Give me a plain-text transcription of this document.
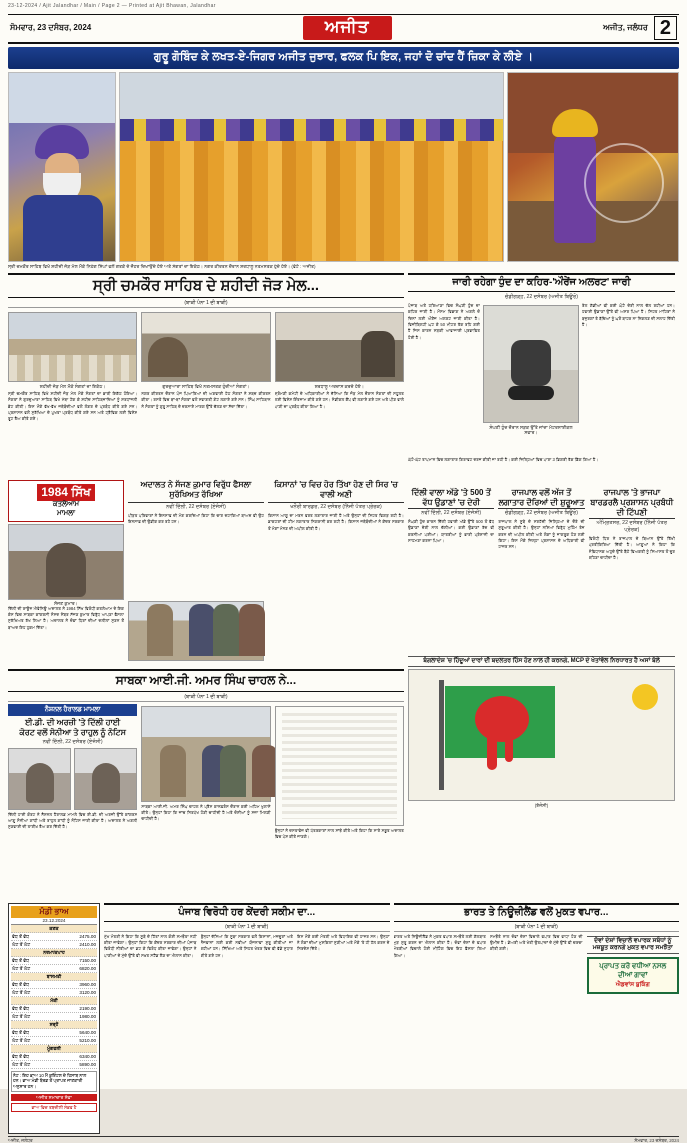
23-12-2024 / Ajit Jalandhar / Main / Page 2 — Printed at Ajit Bhawan, Jalandhar
ਸੋਮਵਾਰ, 23 ਦਸੰਬਰ, 2024	ਅਜੀਤ	ਅਜੀਤ, ਜਲੰਧਰ 2
ਗੁਰੂ ਗੋਬਿੰਦ ਕੇ ਲਖਤ-ਏ-ਜਿਗਰ ਅਜੀਤ ਜੁਝਾਰ, ਫਲਕ ਪਿ ਇਕ, ਜਹਾਂ ਦੋ ਚਾਂਦ ਹੈਂ ਜ਼ਿਕਾ ਕੇ ਲੀਏ ।
ਸ੍ਰੀ ਚਮਕੌਰ ਸਾਹਿਬ ਵਿਖੇ ਸ਼ਹੀਦੀ ਜੋੜ ਮੇਲ ਮੌਕੇ ਨਿਹੰਗ ਸਿੰਘਾਂ ਵਲੋਂ ਗਤਕੇ ਦੇ ਜੌਹਰ ਦਿਖਾਉਂਦੇ ਹੋਏ ਅਤੇ ਸੰਗਤਾਂ ਦਾ ਇਕੱਠ। ਨਗਰ ਕੀਰਤਨ ਦੌਰਾਨ ਸ਼ਰਧਾਲੂ ਨਤਮਸਤਕ ਹੁੰਦੇ ਹੋਏ। (ਫੋਟੋ : ਅਜੀਤ)
ਸ੍ਰੀ ਚਮਕੌਰ ਸਾਹਿਬ ਦੇ ਸ਼ਹੀਦੀ ਜੋੜ ਮੇਲ...
(ਬਾਕੀ ਪੰਨਾ 1 ਦੀ ਬਾਕੀ)
ਸ਼ਹੀਦੀ ਜੋੜ ਮੇਲ ਮੌਕੇ ਸੰਗਤਾਂ ਦਾ ਇਕੱਠ।	ਗੁਰਦੁਆਰਾ ਸਾਹਿਬ ਵਿਖੇ ਨਤਮਸਤਕ ਹੁੰਦੀਆਂ ਸੰਗਤਾਂ।	ਸ਼ਰਧਾਲੂ ਅਰਦਾਸ ਕਰਦੇ ਹੋਏ।
ਸ੍ਰੀ ਚਮਕੌਰ ਸਾਹਿਬ ਵਿਖੇ ਸ਼ਹੀਦੀ ਜੋੜ ਮੇਲ ਮੌਕੇ ਸੰਗਤਾਂ ਦਾ ਭਾਰੀ ਇਕੱਠ ਹੋਇਆ। ਸੰਗਤਾਂ ਨੇ ਗੁਰਦੁਆਰਾ ਸਾਹਿਬ ਵਿਖੇ ਮੱਥਾ ਟੇਕ ਕੇ ਸ਼ਹੀਦ ਸਾਹਿਬਜ਼ਾਦਿਆਂ ਨੂੰ ਸ਼ਰਧਾਂਜਲੀ ਭੇਟ ਕੀਤੀ। ਇਸ ਮੌਕੇ ਵੱਖ-ਵੱਖ ਜਥੇਬੰਦੀਆਂ ਵਲੋਂ ਲੰਗਰ ਦੇ ਪ੍ਰਬੰਧ ਕੀਤੇ ਗਏ ਸਨ। ਪ੍ਰਸ਼ਾਸਨ ਵਲੋਂ ਸੁਰੱਖਿਆ ਦੇ ਪੁਖਤਾ ਪ੍ਰਬੰਧ ਕੀਤੇ ਗਏ ਸਨ ਅਤੇ ਟ੍ਰੈਫਿਕ ਲਈ ਵਿਸ਼ੇਸ਼ ਰੂਟ ਤੈਅ ਕੀਤੇ ਗਏ।
ਨਗਰ ਕੀਰਤਨ ਦੌਰਾਨ ਪੰਜ ਪਿਆਰਿਆਂ ਦੀ ਅਗਵਾਈ ਹੇਠ ਸੰਗਤਾਂ ਨੇ ਸ਼ਬਦ ਕੀਰਤਨ ਕੀਤਾ। ਰਸਤੇ ਵਿਚ ਥਾਂ-ਥਾਂ ਸੰਗਤਾਂ ਵਲੋਂ ਸਵਾਗਤੀ ਗੇਟ ਲਗਾਏ ਗਏ ਸਨ। ਸਿੰਘ ਸਾਹਿਬਾਨ ਨੇ ਸੰਗਤਾਂ ਨੂੰ ਗੁਰੂ ਸਾਹਿਬ ਦੇ ਦਰਸਾਏ ਮਾਰਗ ਉੱਤੇ ਚੱਲਣ ਦਾ ਸੱਦਾ ਦਿੱਤਾ।
ਸ਼੍ਰੋਮਣੀ ਕਮੇਟੀ ਦੇ ਅਧਿਕਾਰੀਆਂ ਨੇ ਦੱਸਿਆ ਕਿ ਜੋੜ ਮੇਲ ਦੌਰਾਨ ਸੰਗਤਾਂ ਦੀ ਸਹੂਲਤ ਲਈ ਵਿਸ਼ੇਸ਼ ਇੰਤਜ਼ਾਮ ਕੀਤੇ ਗਏ ਹਨ। ਮੈਡੀਕਲ ਕੈਂਪ ਵੀ ਲਗਾਏ ਗਏ ਹਨ ਅਤੇ ਪੀਣ ਵਾਲੇ ਪਾਣੀ ਦਾ ਪ੍ਰਬੰਧ ਕੀਤਾ ਗਿਆ ਹੈ।
1984 ਸਿੱਖ
ਕਤਲੇਆਮ
ਮਾਮਲਾ
ਸੱਜਣ ਕੁਮਾਰ।
ਦਿੱਲੀ ਦੀ ਰਾਊਜ਼ ਐਵੇਨਿਊ ਅਦਾਲਤ ਨੇ 1984 ਸਿੱਖ ਵਿਰੋਧੀ ਕਤਲੇਆਮ ਦੇ ਇਕ ਕੇਸ ਵਿਚ ਸਾਬਕਾ ਕਾਂਗਰਸੀ ਸੰਸਦ ਮੈਂਬਰ ਸੱਜਣ ਕੁਮਾਰ ਵਿਰੁੱਧ ਆਪਣਾ ਫੈਸਲਾ ਸੁਰੱਖਿਅਤ ਰੱਖ ਲਿਆ ਹੈ। ਅਦਾਲਤ ਨੇ ਦੋਵਾਂ ਧਿਰਾਂ ਦੀਆਂ ਦਲੀਲਾਂ ਸੁਣਨ ਤੋਂ ਬਾਅਦ ਇਹ ਹੁਕਮ ਦਿੱਤਾ।
ਅਦਾਲਤ ਨੇ ਸੱਜਣ ਕੁਮਾਰ ਵਿਰੁੱਧ ਫੈਸਲਾ ਸੁਰੱਖਿਅਤ ਰੱਖਿਆ
ਨਵੀਂ ਦਿੱਲੀ, 22 ਦਸੰਬਰ (ਏਜੰਸੀ)
ਪੀੜਤ ਪਰਿਵਾਰਾਂ ਨੇ ਇਨਸਾਫ਼ ਦੀ ਮੰਗ ਕਰਦਿਆਂ ਕਿਹਾ ਕਿ ਚਾਰ ਦਹਾਕਿਆਂ ਬਾਅਦ ਵੀ ਉਹ ਇਨਸਾਫ਼ ਦੀ ਉਡੀਕ ਕਰ ਰਹੇ ਹਨ।
ਕਿਸਾਨਾਂ 'ਚ ਵਿਚ ਹੋਰ ਤਿੱਖਾ ਹੋਣ ਦੀ ਸਿਰ 'ਚ ਵਾਲੀ ਅਣੀ
ਖਨੌਰੀ ਬਾਰਡਰ, 22 ਦਸੰਬਰ (ਨਿੱਜੀ ਪੱਤਰ ਪ੍ਰੇਰਕ)
ਕਿਸਾਨ ਆਗੂ ਦਾ ਮਰਨ ਵਰਤ ਲਗਾਤਾਰ ਜਾਰੀ ਹੈ ਅਤੇ ਉਨ੍ਹਾਂ ਦੀ ਸਿਹਤ ਵਿਗੜ ਰਹੀ ਹੈ। ਡਾਕਟਰਾਂ ਦੀ ਟੀਮ ਲਗਾਤਾਰ ਨਿਗਰਾਨੀ ਕਰ ਰਹੀ ਹੈ। ਕਿਸਾਨ ਜਥੇਬੰਦੀਆਂ ਨੇ ਕੇਂਦਰ ਸਰਕਾਰ ਤੋਂ ਮੰਗਾਂ ਮੰਨਣ ਦੀ ਅਪੀਲ ਕੀਤੀ ਹੈ।
ਸਾਬਕਾ ਆਈ.ਜੀ. ਅਮਰ ਸਿੰਘ ਚਾਹਲ ਨੇ...
(ਬਾਕੀ ਪੰਨਾ 1 ਦੀ ਬਾਕੀ)
ਨੈਸ਼ਨਲ ਹੈਰਾਲਡ ਮਾਮਲਾ
ਈ.ਡੀ. ਦੀ ਅਰਜ਼ੀ 'ਤੇ ਦਿੱਲੀ ਹਾਈ
ਕੋਰਟ ਵਲੋਂ ਸੋਨੀਆ ਤੇ ਰਾਹੁਲ ਨੂੰ ਨੋਟਿਸ
ਨਵੀਂ ਦਿੱਲੀ, 22 ਦਸੰਬਰ (ਏਜੰਸੀ)
ਦਿੱਲੀ ਹਾਈ ਕੋਰਟ ਨੇ ਨੈਸ਼ਨਲ ਹੈਰਾਲਡ ਮਾਮਲੇ ਵਿਚ ਈ.ਡੀ. ਦੀ ਅਰਜ਼ੀ ਉੱਤੇ ਕਾਂਗਰਸ ਆਗੂ ਸੋਨੀਆ ਗਾਂਧੀ ਅਤੇ ਰਾਹੁਲ ਗਾਂਧੀ ਨੂੰ ਨੋਟਿਸ ਜਾਰੀ ਕੀਤਾ ਹੈ। ਅਦਾਲਤ ਨੇ ਅਗਲੀ ਸੁਣਵਾਈ ਦੀ ਤਾਰੀਖ਼ ਤੈਅ ਕਰ ਦਿੱਤੀ ਹੈ।
ਸਾਬਕਾ ਆਈ.ਜੀ. ਅਮਰ ਸਿੰਘ ਚਾਹਲ ਨੇ ਪ੍ਰੈਸ ਕਾਨਫ਼ਰੰਸ ਦੌਰਾਨ ਕਈ ਅਹਿਮ ਖੁਲਾਸੇ ਕੀਤੇ। ਉਨ੍ਹਾਂ ਕਿਹਾ ਕਿ ਜਾਂਚ ਨਿਰਪੱਖ ਹੋਣੀ ਚਾਹੀਦੀ ਹੈ ਅਤੇ ਦੋਸ਼ੀਆਂ ਨੂੰ ਸਜ਼ਾ ਮਿਲਣੀ ਚਾਹੀਦੀ ਹੈ।
ਉਨ੍ਹਾਂ ਨੇ ਦਸਤਾਵੇਜ਼ ਵੀ ਪੱਤਰਕਾਰਾਂ ਨਾਲ ਸਾਂਝੇ ਕੀਤੇ ਅਤੇ ਕਿਹਾ ਕਿ ਸਾਰੇ ਸਬੂਤ ਅਦਾਲਤ ਵਿਚ ਪੇਸ਼ ਕੀਤੇ ਜਾਣਗੇ।
ਜਾਰੀ ਰਹੇਗਾ ਧੁੰਦ ਦਾ ਕਹਿਰ-'ਔਰੇਂਜ ਅਲਰਟ' ਜਾਰੀ
ਚੰਡੀਗੜ੍ਹ, 22 ਦਸੰਬਰ (ਅਜੀਤ ਬਿਊਰੋ)
ਪੰਜਾਬ ਅਤੇ ਹਰਿਆਣਾ ਵਿਚ ਸੰਘਣੀ ਧੁੰਦ ਦਾ ਕਹਿਰ ਜਾਰੀ ਹੈ। ਮੌਸਮ ਵਿਭਾਗ ਨੇ ਅਗਲੇ ਦੋ ਦਿਨਾਂ ਲਈ ਔਰੇਂਜ ਅਲਰਟ ਜਾਰੀ ਕੀਤਾ ਹੈ। ਵਿਜ਼ੀਬਿਲਟੀ ਘਟ ਕੇ 50 ਮੀਟਰ ਤੱਕ ਰਹਿ ਗਈ ਹੈ ਜਿਸ ਕਾਰਨ ਸੜਕੀ ਆਵਾਜਾਈ ਪ੍ਰਭਾਵਿਤ ਹੋਈ ਹੈ।
ਸੰਘਣੀ ਧੁੰਦ ਦੌਰਾਨ ਸੜਕ ਉੱਤੇ ਜਾਂਦਾ ਮੋਟਰਸਾਈਕਲ ਸਵਾਰ।
ਰੇਲ ਗੱਡੀਆਂ ਵੀ ਕਈ ਘੰਟੇ ਦੇਰੀ ਨਾਲ ਚੱਲ ਰਹੀਆਂ ਹਨ। ਹਵਾਈ ਉਡਾਣਾਂ ਉੱਤੇ ਵੀ ਅਸਰ ਪਿਆ ਹੈ। ਸਿਹਤ ਮਾਹਿਰਾਂ ਨੇ ਬਜ਼ੁਰਗਾਂ ਤੇ ਬੱਚਿਆਂ ਨੂੰ ਘਰੋਂ ਬਾਹਰ ਨਾ ਨਿਕਲਣ ਦੀ ਸਲਾਹ ਦਿੱਤੀ ਹੈ।
ਘੱਟੋ-ਘੱਟ ਤਾਪਮਾਨ ਵਿਚ ਲਗਾਤਾਰ ਗਿਰਾਵਟ ਦਰਜ ਕੀਤੀ ਜਾ ਰਹੀ ਹੈ। ਕਈ ਜ਼ਿਲ੍ਹਿਆਂ ਵਿਚ ਪਾਰਾ 3 ਡਿਗਰੀ ਤੱਕ ਡਿੱਗ ਗਿਆ ਹੈ।
ਦਿੱਲੀ ਵਾਲਾ ਅੱਡੇ 'ਤੇ 500 ਤੋਂ ਵੱਧ ਉਡਾਣਾਂ 'ਚ ਦੇਰੀ
ਨਵੀਂ ਦਿੱਲੀ, 22 ਦਸੰਬਰ (ਏਜੰਸੀ)
ਸੰਘਣੀ ਧੁੰਦ ਕਾਰਨ ਦਿੱਲੀ ਹਵਾਈ ਅੱਡੇ ਉੱਤੇ 500 ਤੋਂ ਵੱਧ ਉਡਾਣਾਂ ਦੇਰੀ ਨਾਲ ਚੱਲੀਆਂ। ਕਈ ਉਡਾਣਾਂ ਰੱਦ ਵੀ ਕਰਨੀਆਂ ਪਈਆਂ। ਯਾਤਰੀਆਂ ਨੂੰ ਭਾਰੀ ਪ੍ਰੇਸ਼ਾਨੀ ਦਾ ਸਾਹਮਣਾ ਕਰਨਾ ਪਿਆ।
ਰਾਜਪਾਲ ਵਲੋਂ ਅੱਜ ਤੋਂ ਲਗਾਤਾਰ ਦੌਰਿਆਂ ਦੀ ਸ਼ੁਰੂਆਤ
ਚੰਡੀਗੜ੍ਹ, 22 ਦਸੰਬਰ (ਅਜੀਤ ਬਿਊਰੋ)
ਰਾਜਪਾਲ ਨੇ ਸੂਬੇ ਦੇ ਸਰਹੱਦੀ ਜ਼ਿਲ੍ਹਿਆਂ ਦੇ ਦੌਰੇ ਦੀ ਸ਼ੁਰੂਆਤ ਕੀਤੀ ਹੈ। ਉਨ੍ਹਾਂ ਨਸ਼ਿਆਂ ਵਿਰੁੱਧ ਮੁਹਿੰਮ ਤੇਜ਼ ਕਰਨ ਦੀ ਅਪੀਲ ਕੀਤੀ ਅਤੇ ਲੋਕਾਂ ਨੂੰ ਜਾਗਰੂਕ ਹੋਣ ਲਈ ਕਿਹਾ। ਇਸ ਮੌਕੇ ਜ਼ਿਲ੍ਹਾ ਪ੍ਰਸ਼ਾਸਨ ਦੇ ਅਧਿਕਾਰੀ ਵੀ ਹਾਜ਼ਰ ਸਨ।
ਰਾਜਪਾਲ 'ਤੇ ਭਾਜਪਾ ਬਾਰਡਰਲੈ ਪ੍ਰਸ਼ਾਸਨ ਪ੍ਰਬੰਧੀ ਦੀ ਟਿੱਪਣੀ
ਅੰਮ੍ਰਿਤਸਰ, 22 ਦਸੰਬਰ (ਨਿੱਜੀ ਪੱਤਰ ਪ੍ਰੇਰਕ)
ਵਿਰੋਧੀ ਧਿਰ ਨੇ ਰਾਜਪਾਲ ਦੇ ਬਿਆਨ ਉੱਤੇ ਤਿੱਖੀ ਪ੍ਰਤੀਕਿਰਿਆ ਦਿੱਤੀ ਹੈ। ਆਗੂਆਂ ਨੇ ਕਿਹਾ ਕਿ ਸੰਵਿਧਾਨਕ ਅਹੁਦੇ ਉੱਤੇ ਬੈਠੇ ਵਿਅਕਤੀ ਨੂੰ ਸਿਆਸਤ ਤੋਂ ਦੂਰ ਰਹਿਣਾ ਚਾਹੀਦਾ ਹੈ।
ਬੰਗਲਾਦੇਸ਼ 'ਚ ਹਿੰਦੂਆਂ ਦਾਰਾਂ ਦੀ ਬਦਲਤਰ ਹਿੰਸ ਹੋਣ ਨਾਲ ਹੀ ਕਰਨਗੇ, MCP ਦੇ ਖੇਤਾਂਵੱਲ ਨਿਰਧਾਰਤ ਹੈ ਅਸਾਂ ਬੋਲੇ
(ਏਜੰਸੀ)
ਮੰਡੀ ਭਾਅ
23.12.2024
ਕਣਕ
ਵੱਧ ਤੋਂ ਵੱਧ	2475.00
ਘੱਟ ਤੋਂ ਘੱਟ	2410.00
ਨਰਮਾ/ਕਪਾਹ
ਵੱਧ ਤੋਂ ਵੱਧ	7150.00
ਘੱਟ ਤੋਂ ਘੱਟ	6820.00
ਬਾਸਮਤੀ
ਵੱਧ ਤੋਂ ਵੱਧ	3960.00
ਘੱਟ ਤੋਂ ਘੱਟ	3120.00
ਮੱਕੀ
ਵੱਧ ਤੋਂ ਵੱਧ	2190.00
ਘੱਟ ਤੋਂ ਘੱਟ	1980.00
ਸਰ੍ਹੋਂ
ਵੱਧ ਤੋਂ ਵੱਧ	5640.00
ਘੱਟ ਤੋਂ ਘੱਟ	5210.00
ਮੂੰਗਫਲੀ
ਵੱਧ ਤੋਂ ਵੱਧ	6340.00
ਘੱਟ ਤੋਂ ਘੱਟ	5890.00
ਨੋਟ : ਇਹ ਭਾਅ 10 ਮੈਂ ਕੁਇੰਟਲ ਦੇ ਹਿਸਾਬ ਨਾਲ ਹਨ। ਭਾਅ ਮੰਡੀ ਬੋਰਡ ਤੋਂ ਪ੍ਰਾਪਤ ਜਾਣਕਾਰੀ ਅਨੁਸਾਰ ਹਨ।
ਅਜੀਤ ਸਮਾਚਾਰ ਸੇਵਾ
ਭਾਅ ਵਿਚ ਤਬਦੀਲੀ ਸੰਭਵ ਹੈ
ਪੰਜਾਬ ਵਿਰੋਧੀ ਹਰ ਕੇਂਦਰੀ ਸਕੀਮ ਦਾ...
(ਬਾਕੀ ਪੰਨਾ 1 ਦੀ ਬਾਕੀ)
ਮੁੱਖ ਮੰਤਰੀ ਨੇ ਕਿਹਾ ਕਿ ਸੂਬੇ ਦੇ ਹਿੱਤਾਂ ਨਾਲ ਕੋਈ ਸਮਝੌਤਾ ਨਹੀਂ ਕੀਤਾ ਜਾਵੇਗਾ। ਉਨ੍ਹਾਂ ਕਿਹਾ ਕਿ ਕੇਂਦਰ ਸਰਕਾਰ ਦੀਆਂ ਪੰਜਾਬ ਵਿਰੋਧੀ ਨੀਤੀਆਂ ਦਾ ਡਟ ਕੇ ਵਿਰੋਧ ਕੀਤਾ ਜਾਵੇਗਾ। ਉਨ੍ਹਾਂ ਨੇ ਪਾਣੀਆਂ ਦੇ ਮੁੱਦੇ ਉੱਤੇ ਵੀ ਸਖ਼ਤ ਸਟੈਂਡ ਲੈਣ ਦਾ ਐਲਾਨ ਕੀਤਾ।
ਉਨ੍ਹਾਂ ਦੱਸਿਆ ਕਿ ਸੂਬਾ ਸਰਕਾਰ ਵਲੋਂ ਕਿਸਾਨਾਂ, ਮਜ਼ਦੂਰਾਂ ਅਤੇ ਨੌਜਵਾਨਾਂ ਲਈ ਕਈ ਨਵੀਆਂ ਯੋਜਨਾਵਾਂ ਸ਼ੁਰੂ ਕੀਤੀਆਂ ਜਾ ਰਹੀਆਂ ਹਨ। ਸਿੱਖਿਆ ਅਤੇ ਸਿਹਤ ਖੇਤਰ ਵਿਚ ਵੀ ਵੱਡੇ ਸੁਧਾਰ ਕੀਤੇ ਗਏ ਹਨ।
ਇਸ ਮੌਕੇ ਕਈ ਮੰਤਰੀ ਅਤੇ ਵਿਧਾਇਕ ਵੀ ਹਾਜ਼ਰ ਸਨ। ਉਨ੍ਹਾਂ ਨੇ ਲੋਕਾਂ ਦੀਆਂ ਮੁਸ਼ਕਿਲਾਂ ਸੁਣੀਆਂ ਅਤੇ ਮੌਕੇ 'ਤੇ ਹੀ ਹੱਲ ਕਰਨ ਦੇ ਨਿਰਦੇਸ਼ ਦਿੱਤੇ।
ਭਾਰਤ ਤੇ ਨਿਊਜ਼ੀਲੈਂਡ ਵਲੋਂ ਮੁਕਤ ਵਪਾਰ...
(ਬਾਕੀ ਪੰਨਾ 1 ਦੀ ਬਾਕੀ)
ਭਾਰਤ ਅਤੇ ਨਿਊਜ਼ੀਲੈਂਡ ਨੇ ਮੁਕਤ ਵਪਾਰ ਸਮਝੌਤੇ ਲਈ ਗੱਲਬਾਤ ਮੁੜ ਸ਼ੁਰੂ ਕਰਨ ਦਾ ਐਲਾਨ ਕੀਤਾ ਹੈ। ਦੋਵਾਂ ਦੇਸ਼ਾਂ ਦੇ ਵਪਾਰ ਮੰਤਰੀਆਂ ਵਿਚਾਲੇ ਹੋਈ ਮੀਟਿੰਗ ਵਿਚ ਇਹ ਫ਼ੈਸਲਾ ਲਿਆ ਗਿਆ।
ਸਮਝੌਤੇ ਨਾਲ ਦੋਵਾਂ ਦੇਸ਼ਾਂ ਵਿਚਾਲੇ ਵਪਾਰ ਵਿਚ ਵਾਧਾ ਹੋਣ ਦੀ ਉਮੀਦ ਹੈ। ਡੇਅਰੀ ਅਤੇ ਖੇਤੀ ਉਤਪਾਦਾਂ ਦੇ ਮੁੱਦੇ ਉੱਤੇ ਵੀ ਚਰਚਾ ਕੀਤੀ ਗਈ।
ਦੋਵਾਂ ਦੇਸ਼ਾਂ ਵਿਚਾਲੇ ਵਪਾਰਕ ਸਬੰਧਾਂ ਨੂੰ ਮਜ਼ਬੂਤ ਕਰਨਗੇ ਮੁਕਤ ਵਪਾਰ ਸਮਝੌਤਾ
ਪ੍ਰਾਪਤ ਕਰੋ ਵਧੀਆ ਨਸਲ ਦੀਆਂ ਗਾਵਾਂ
ਐਡਵਾਂਸ ਬੁਕਿੰਗ
ਅਜੀਤ, ਜਲੰਧਰ	ਸੋਮਵਾਰ, 23 ਦਸੰਬਰ, 2024
